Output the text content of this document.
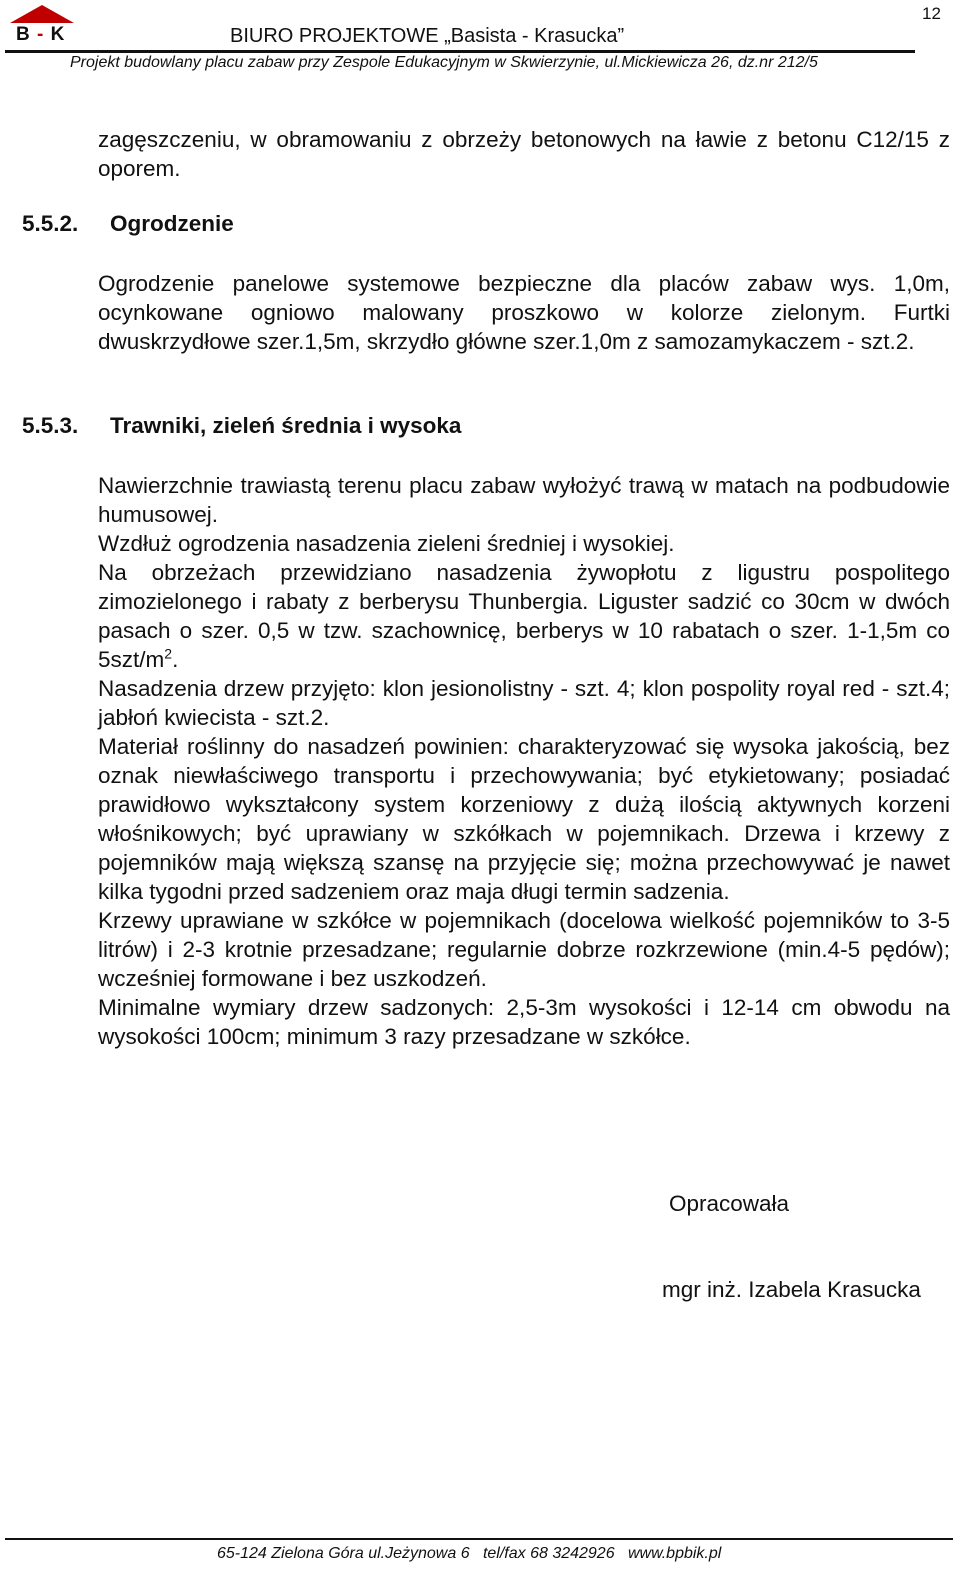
B - K	BIURO PROJEKTOWE „Basista - Krasucka”
12
Projekt budowlany placu zabaw przy Zespole Edukacyjnym w Skwierzynie, ul.Mickiewicza 26, dz.nr 212/5
zagęszczeniu, w obramowaniu z obrzeży betonowych na ławie z betonu C12/15 z oporem.
5.5.2. Ogrodzenie
Ogrodzenie panelowe systemowe bezpieczne dla placów zabaw wys. 1,0m, ocynkowane ogniowo malowany proszkowo w kolorze zielonym. Furtki dwuskrzydłowe szer.1,5m, skrzydło główne szer.1,0m z samozamykaczem - szt.2.
5.5.3. Trawniki, zieleń średnia i wysoka
Nawierzchnie trawiastą terenu placu zabaw wyłożyć trawą w matach na podbudowie humusowej.
Wzdłuż ogrodzenia nasadzenia zieleni średniej i wysokiej.
Na obrzeżach przewidziano nasadzenia żywopłotu z ligustru pospolitego zimozielonego i rabaty z berberysu Thunbergia. Liguster sadzić co 30cm w dwóch pasach o szer. 0,5 w tzw. szachownicę, berberys w 10 rabatach o szer. 1-1,5m co $5szt/m^2$.
Nasadzenia drzew przyjęto: klon jesionolistny - szt. 4; klon pospolity royal red - szt.4; jabłoń kwiecista - szt.2.
Materiał roślinny do nasadzeń powinien: charakteryzować się wysoka jakością, bez oznak niewłaściwego transportu i przechowywania; być etykietowany; posiadać prawidłowo wykształcony system korzeniowy z dużą ilością aktywnych korzeni włośnikowych; być uprawiany w szkółkach w pojemnikach. Drzewa i krzewy z pojemników mają większą szansę na przyjęcie się; można przechowywać je nawet kilka tygodni przed sadzeniem oraz maja długi termin sadzenia.
Krzewy uprawiane w szkółce w pojemnikach (docelowa wielkość pojemników to 3-5 litrów) i 2-3 krotnie przesadzane; regularnie dobrze rozkrzewione (min.4-5 pędów); wcześniej formowane i bez uszkodzeń.
Minimalne wymiary drzew sadzonych: 2,5-3m wysokości i 12-14 cm obwodu na wysokości 100cm; minimum 3 razy przesadzane w szkółce.
Opracowała
mgr inż. Izabela Krasucka
65-124 Zielona Góra ul.Jeżynowa 6 tel/fax 68 3242926 www.bpbik.pl
